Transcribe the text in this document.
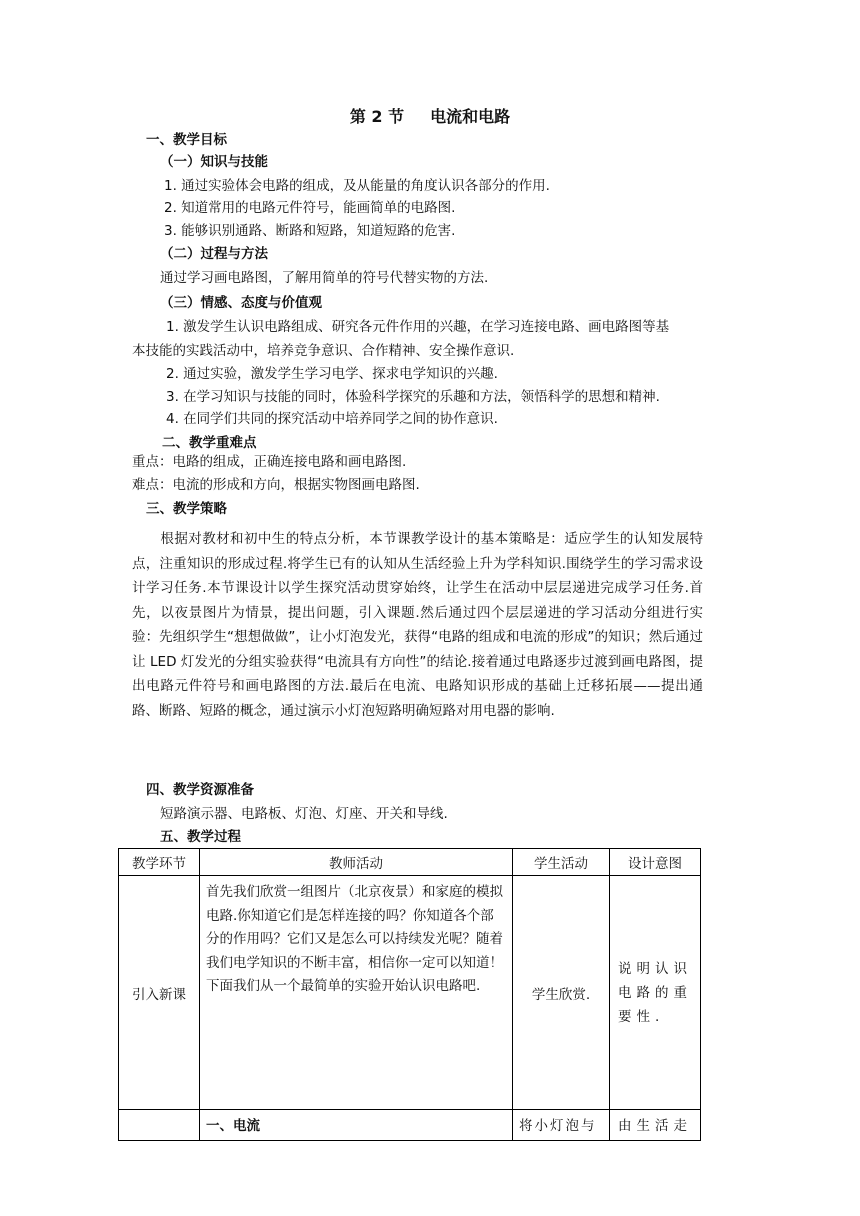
第 2 节 电流和电路
一、教学目标
（一）知识与技能
1. 通过实验体会电路的组成，及从能量的角度认识各部分的作用.
2. 知道常用的电路元件符号，能画简单的电路图.
3. 能够识别通路、断路和短路，知道短路的危害.
（二）过程与方法
通过学习画电路图，了解用简单的符号代替实物的方法.
（三）情感、态度与价值观
1. 激发学生认识电路组成、研究各元件作用的兴趣，在学习连接电路、画电路图等基
本技能的实践活动中，培养竞争意识、合作精神、安全操作意识.
2. 通过实验，激发学生学习电学、探求电学知识的兴趣.
3. 在学习知识与技能的同时，体验科学探究的乐趣和方法，领悟科学的思想和精神.
4. 在同学们共同的探究活动中培养同学之间的协作意识.
二、教学重难点
重点：电路的组成，正确连接电路和画电路图.
难点：电流的形成和方向，根据实物图画电路图.
三、教学策略
根据对教材和初中生的特点分析，本节课教学设计的基本策略是：适应学生的认知发展特点，注重知识的形成过程.将学生已有的认知从生活经验上升为学科知识.围绕学生的学习需求设计学习任务.本节课设计以学生探究活动贯穿始终，让学生在活动中层层递进完成学习任务.首先，以夜景图片为情景，提出问题，引入课题.然后通过四个层层递进的学习活动分组进行实验：先组织学生“想想做做”，让小灯泡发光，获得“电路的组成和电流的形成”的知识；然后通过让 LED 灯发光的分组实验获得“电流具有方向性”的结论.接着通过电路逐步过渡到画电路图，提出电路元件符号和画电路图的方法.最后在电流、电路知识形成的基础上迁移拓展——提出通路、断路、短路的概念，通过演示小灯泡短路明确短路对用电器的影响.
四、教学资源准备
短路演示器、电路板、灯泡、灯座、开关和导线.
五、教学过程
教学环节	教师活动	学生活动	设计意图
引入新课	首先我们欣赏一组图片（北京夜景）和家庭的模拟电路.你知道它们是怎样连接的吗？你知道各个部分的作用吗？它们又是怎么可以持续发光呢？随着我们电学知识的不断丰富，相信你一定可以知道！下面我们从一个最简单的实验开始认识电路吧.	学生欣赏.	说明认识电路的重要性.
	一、电流	将小灯泡与	由生活走
